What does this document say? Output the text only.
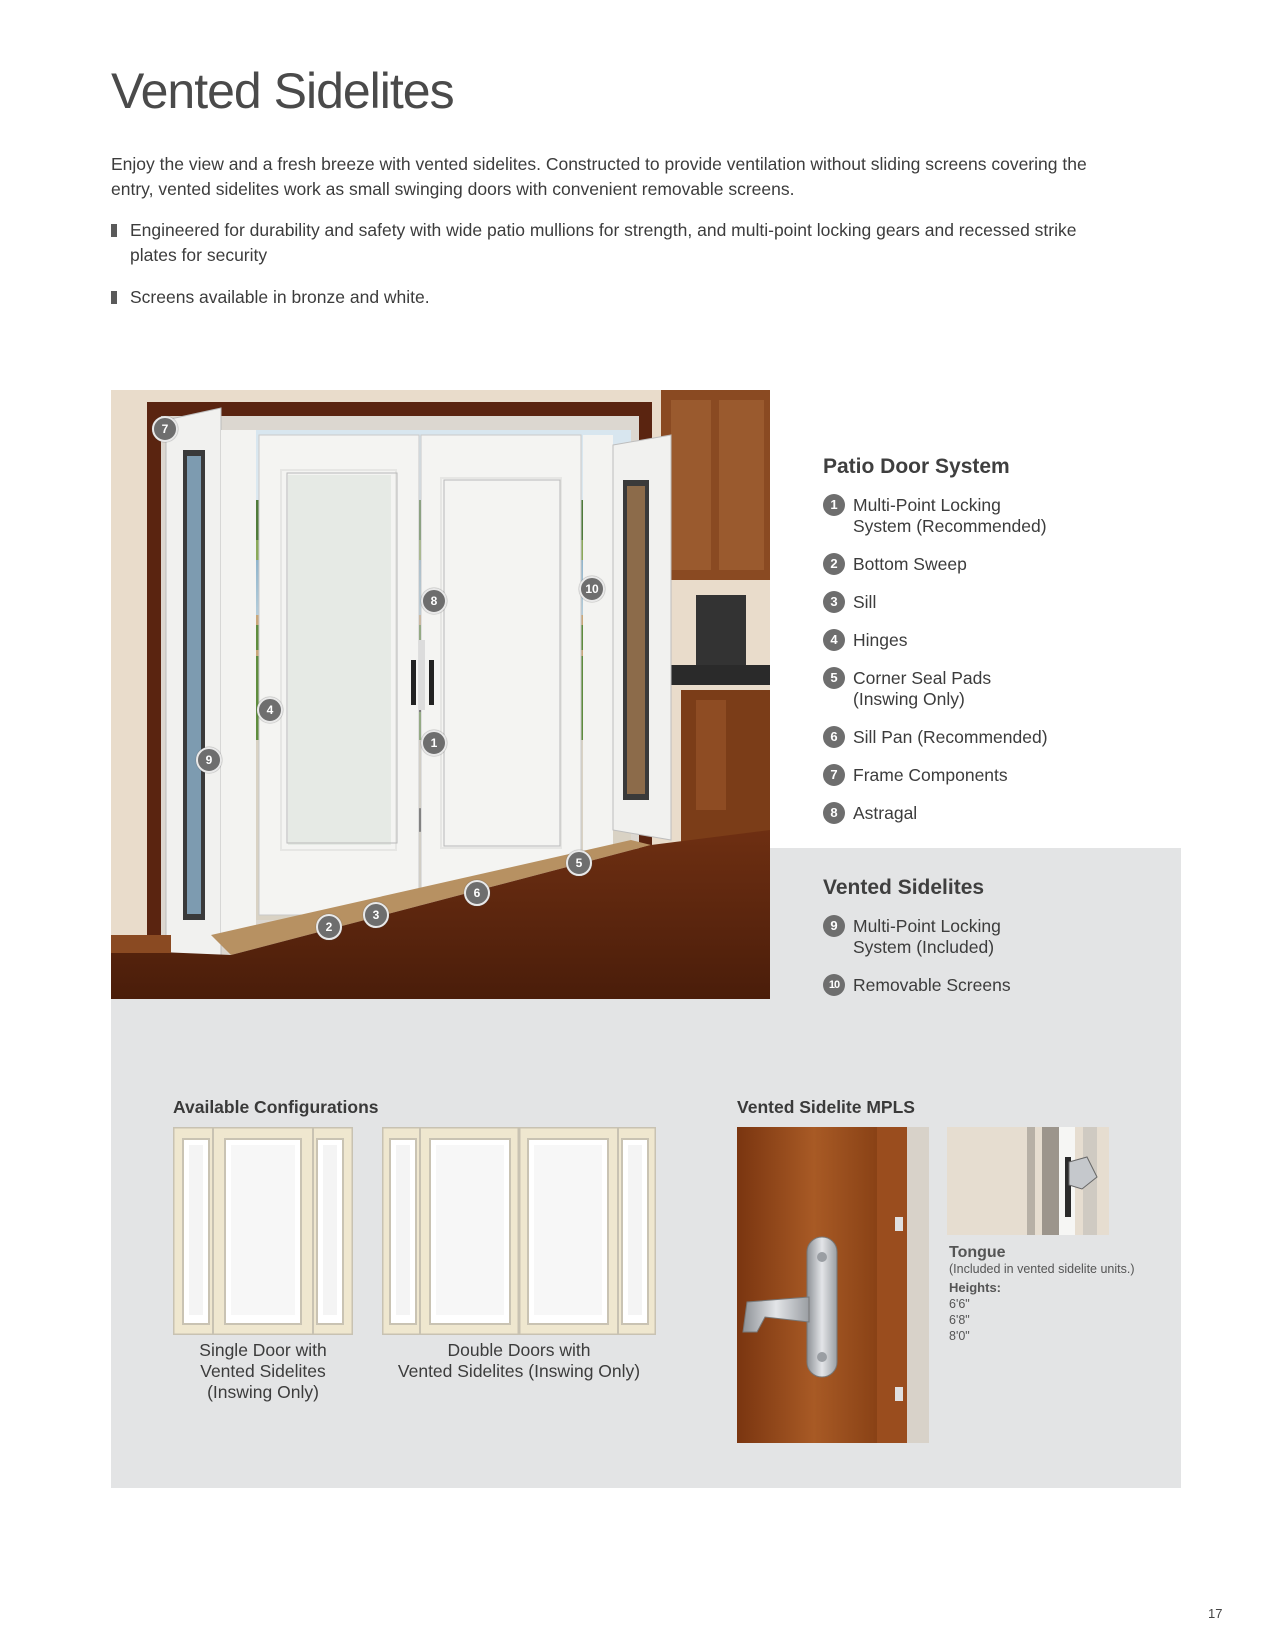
Vented Sidelites

Enjoy the view and a fresh breeze with vented sidelites. Constructed to provide ventilation without sliding screens covering the entry, vented sidelites work as small swinging doors with convenient removable screens.

Engineered for durability and safety with wide patio mullions for strength, and multi-point locking gears and recessed strike plates for security
Screens available in bronze and white.
7
10
8
4
1
9
5
6
3
2
Patio Door System
1 Multi-Point Locking
System (Recommended)
2 Bottom Sweep
3 Sill
4 Hinges
5 Corner Seal Pads
(Inswing Only)
6 Sill Pan (Recommended)
7 Frame Components
8 Astragal
Vented Sidelites
9 Multi-Point Locking
System (Included)
10 Removable Screens
Available Configurations
Single Door with
Vented Sidelites
(Inswing Only)
Double Doors with
Vented Sidelites (Inswing Only)
Vented Sidelite MPLS
Tongue
(Included in vented sidelite units.)
Heights:
6'6"
6'8"
8'0"
17
